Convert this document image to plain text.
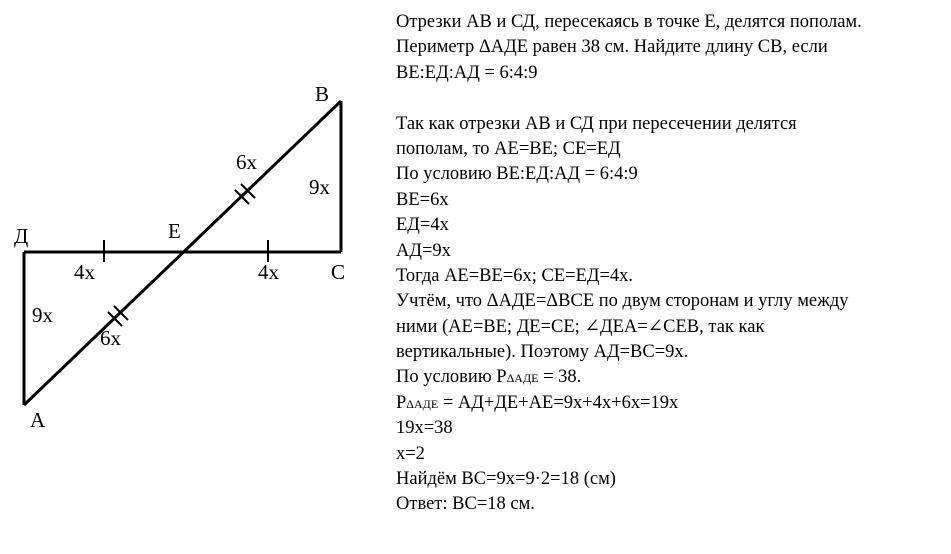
Д	Е
В
С
А
4х	4х
6х
6х
9х
9х
Отрезки АВ и СД, пересекаясь в точке Е, делятся пополам.
Периметр ΔАДЕ равен 38 см. Найдите длину СВ, если
ВЕ:ЕД:АД = 6:4:9
Так как отрезки АВ и СД при пересечении делятся
пополам, то АЕ=ВЕ; СЕ=ЕД
По условию ВЕ:ЕД:АД = 6:4:9
ВЕ=6х
ЕД=4х
АД=9х
Тогда АЕ=ВЕ=6х; СЕ=ЕД=4х.
Учтём, что ΔАДЕ=ΔВСЕ по двум сторонам и углу между
ними (АЕ=ВЕ; ДЕ=СЕ; ∠ДЕА=∠СЕВ, так как
вертикальные). Поэтому АД=ВС=9х.
По условию РΔАДЕ = 38.
РΔАДЕ = АД+ДЕ+АЕ=9х+4х+6х=19х
19х=38
х=2
Найдём ВС=9х=9·2=18 (см)
Ответ: ВС=18 см.
